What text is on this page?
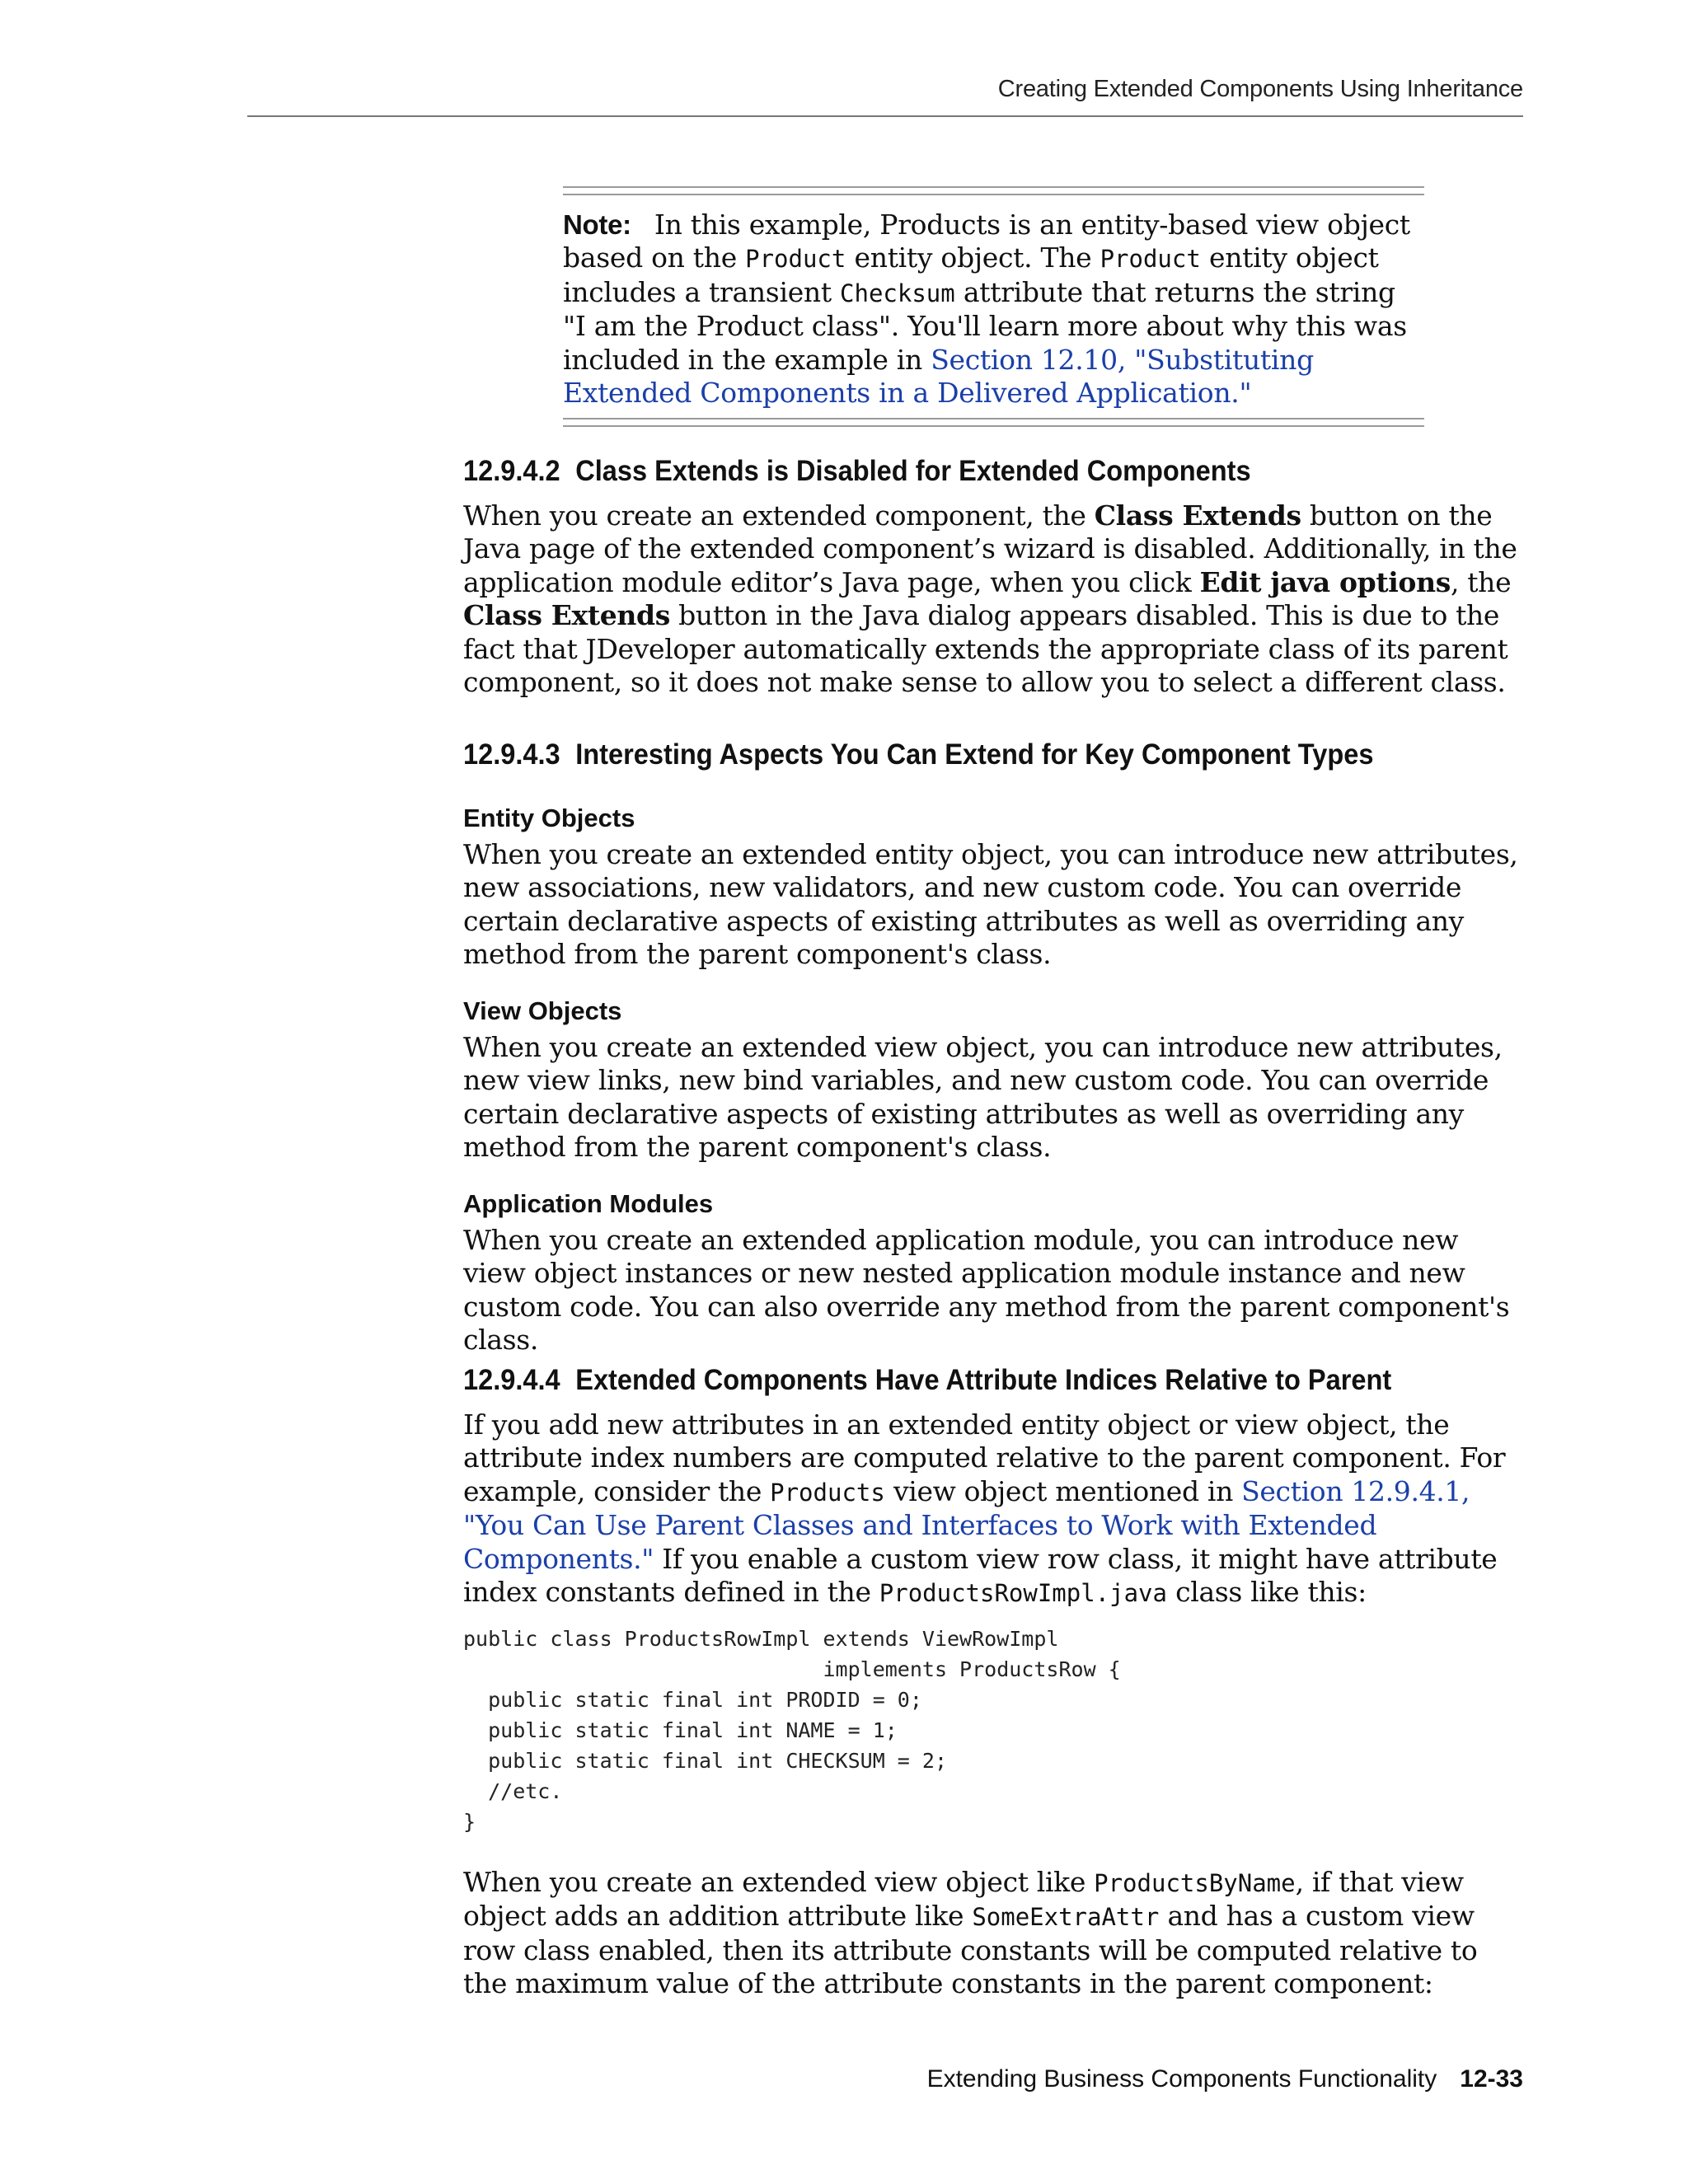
Creating Extended Components Using Inheritance
Note: In this example, Products is an entity-based view object based on the Product entity object. The Product entity object includes a transient Checksum attribute that returns the string "I am the Product class". You'll learn more about why this was included in the example in Section 12.10, "Substituting Extended Components in a Delivered Application."
12.9.4.2 Class Extends is Disabled for Extended Components

When you create an extended component, the Class Extends button on the Java page of the extended component’s wizard is disabled. Additionally, in the application module editor’s Java page, when you click Edit java options, the Class Extends button in the Java dialog appears disabled. This is due to the fact that JDeveloper automatically extends the appropriate class of its parent component, so it does not make sense to allow you to select a different class.

12.9.4.3 Interesting Aspects You Can Extend for Key Component Types
Entity Objects

When you create an extended entity object, you can introduce new attributes, new associations, new validators, and new custom code. You can override certain declarative aspects of existing attributes as well as overriding any method from the parent component's class.

View Objects

When you create an extended view object, you can introduce new attributes, new view links, new bind variables, and new custom code. You can override certain declarative aspects of existing attributes as well as overriding any method from the parent component's class.

Application Modules

When you create an extended application module, you can introduce new view object instances or new nested application module instance and new custom code. You can also override any method from the parent component's class.

12.9.4.4 Extended Components Have Attribute Indices Relative to Parent

If you add new attributes in an extended entity object or view object, the attribute index numbers are computed relative to the parent component. For example, consider the Products view object mentioned in Section 12.9.4.1, "You Can Use Parent Classes and Interfaces to Work with Extended Components." If you enable a custom view row class, it might have attribute index constants defined in the ProductsRowImpl.java class like this:

public class ProductsRowImpl extends ViewRowImpl
implements ProductsRow {
public static final int PRODID = 0;
public static final int NAME = 1;
public static final int CHECKSUM = 2;
//etc.
}

When you create an extended view object like ProductsByName, if that view object adds an addition attribute like SomeExtraAttr and has a custom view row class enabled, then its attribute constants will be computed relative to the maximum value of the attribute constants in the parent component:

Extending Business Components Functionality 12-33
